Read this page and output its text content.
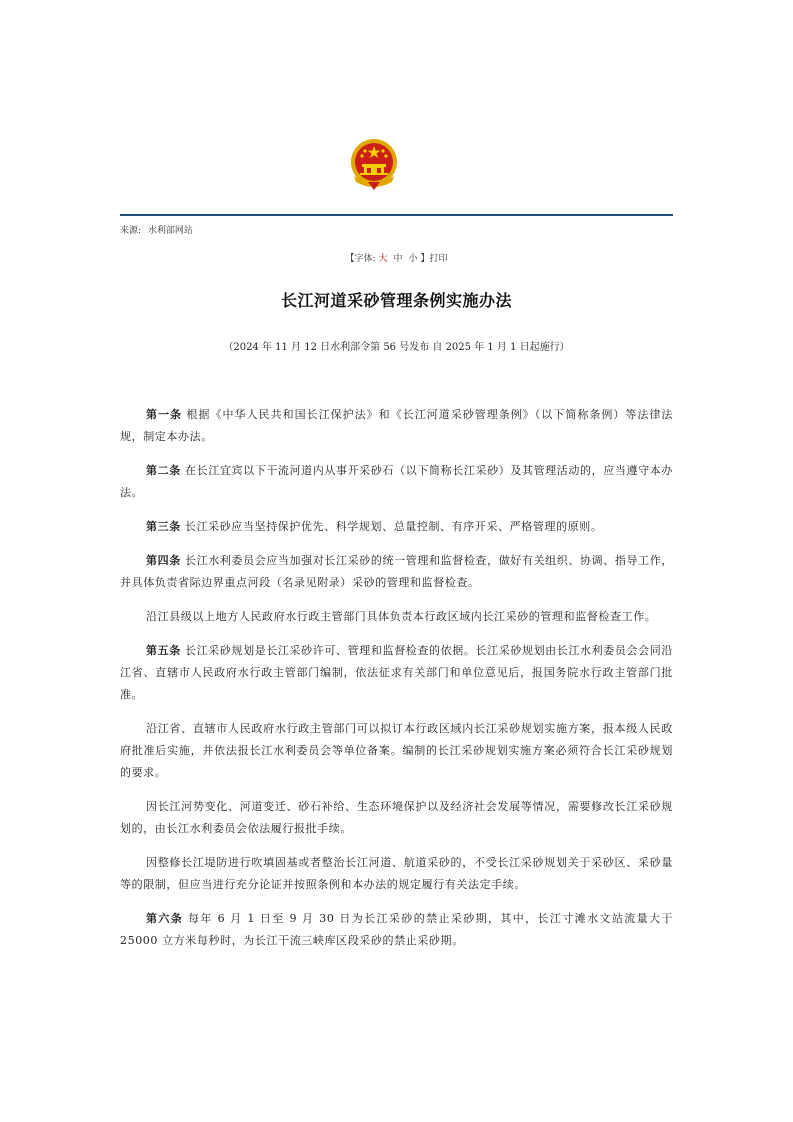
来源: 水利部网站
【字体: 大 中 小 】打印
长江河道采砂管理条例实施办法
（2024 年 11 月 12 日水利部令第 56 号发布 自 2025 年 1 月 1 日起施行）

第一条 根据《中华人民共和国长江保护法》和《长江河道采砂管理条例》（以下简称条例）等法律法规，制定本办法。

第二条 在长江宜宾以下干流河道内从事开采砂石（以下简称长江采砂）及其管理活动的，应当遵守本办法。

第三条 长江采砂应当坚持保护优先、科学规划、总量控制、有序开采、严格管理的原则。

第四条 长江水利委员会应当加强对长江采砂的统一管理和监督检查，做好有关组织、协调、指导工作，并具体负责省际边界重点河段（名录见附录）采砂的管理和监督检查。

沿江县级以上地方人民政府水行政主管部门具体负责本行政区域内长江采砂的管理和监督检查工作。

第五条 长江采砂规划是长江采砂许可、管理和监督检查的依据。长江采砂规划由长江水利委员会会同沿江省、直辖市人民政府水行政主管部门编制，依法征求有关部门和单位意见后，报国务院水行政主管部门批准。

沿江省、直辖市人民政府水行政主管部门可以拟订本行政区域内长江采砂规划实施方案，报本级人民政府批准后实施，并依法报长江水利委员会等单位备案。编制的长江采砂规划实施方案必须符合长江采砂规划的要求。

因长江河势变化、河道变迁、砂石补给、生态环境保护以及经济社会发展等情况，需要修改长江采砂规划的，由长江水利委员会依法履行报批手续。

因整修长江堤防进行吹填固基或者整治长江河道、航道采砂的，不受长江采砂规划关于采砂区、采砂量等的限制，但应当进行充分论证并按照条例和本办法的规定履行有关法定手续。

第六条 每年 6 月 1 日至 9 月 30 日为长江采砂的禁止采砂期，其中，长江寸滩水文站流量大于 25000 立方米每秒时，为长江干流三峡库区段采砂的禁止采砂期。
